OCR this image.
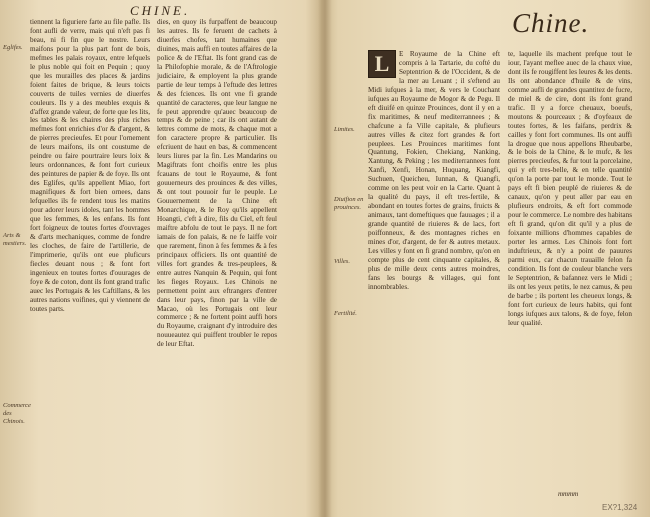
CHINE.
Eglifes.
Arts & mestiers.
Commerce des Chinois.

tiennent la figuriere farte au file pafle. Ils font aufli de verre, mais qui n'eft pas fi beau, ni fi fin que le nostre. Leurs maifons pour la plus part font de bois, mefmes les palais royaux, entre lefquels le plus noble qui foit en Pequin ; quoy que les murailles des places & jardins foient faites de brique, & leurs toicts couverts de tuiles vernies de diuerfes couleurs. Ils y a des meubles exquis & d'affez grande valeur, de forte que les lits, les tables & les chaires des plus riches mefmes font enrichies d'or & d'argent, & de pierres precieufes. Et pour l'ornement de leurs maifons, ils ont coustume de peindre ou faire pourtraire leurs loix & leurs ordonnances, & font fort curieux des peintures de papier & de foye. Ils ont des Eglifes, qu'ils appellent Miao, fort magnifiques & fort bien ornees, dans lefquelles ils fe rendent tous les matins pour adorer leurs idoles, tant les hommes que les femmes, & les enfans. Ils font fort foigneux de toutes fortes d'ouvrages & d'arts mechaniques, comme de fondre les cloches, de faire de l'artillerie, de l'imprimerie, qu'ils ont eue pluficurs fiecles deuant nous ; & font fort ingenieux en toutes fortes d'ouurages de foye & de coton, dont ils font grand trafic auec les Portugais & les Caftillans, & les autres nations voifines, qui y viennent de toutes parts.

dies, en quoy ils furpaffent de beaucoup les autres. Ils fe feruent de cachets à diuerfes chofes, tant humaines que diuines, mais auffi en toutes affaires de la police & de l'Eftat. Ils font grand cas de la Philofophie morale, & de l'Aftrologie judiciaire, & employent la plus grande partie de leur temps à l'eftude des lettres & des fciences. Ils ont vne fi grande quantité de caracteres, que leur langue ne fe peut apprendre qu'auec beaucoup de temps & de peine ; car ils ont autant de lettres comme de mots, & chaque mot a fon caractere propre & particulier. Ils efcriuent de haut en bas, & commencent leurs liures par la fin. Les Mandarins ou Magiftrats font choifis entre les plus fcauans de tout le Royaume, & font gouuerneurs des prouinces & des villes, & ont tout pouuoir fur le peuple. Le Gouuernement de la Chine eft Monarchique, & le Roy qu'ils appellent Hoangti, c'eft à dire, fils du Ciel, eft feul maiftre abfolu de tout le pays. Il ne fort iamais de fon palais, & ne fe laiffe voir que rarement, finon à fes femmes & à fes principaux officiers. Ils ont quantité de villes fort grandes & tres-peuplees, & entre autres Nanquin & Pequin, qui font les fieges Royaux. Les Chinois ne permettent point aux eftrangers d'entrer dans leur pays, finon par la ville de Macao, où les Portugais ont leur commerce ; & ne fortent point auffi hors du Royaume, craignant d'y introduire des nouueautez qui puiffent troubler le repos de leur Eftat.

Chine.
Limites.
Diuifion en prouinces.
Villes.
Fertilité.
L	E Royaume de la Chine eft compris à la Tartarie, du cofté du Septentrion & de l'Occident, & de la mer au Leuant ; il s'eftend au Midi iufques à la mer, & vers le Couchant iufques au Royaume de Mogor & de Pegu. Il eft diuifé en quinze Prouinces, dont il y en a fix maritimes, & neuf mediterrannees ; & chafcune a fa Ville capitale, & plufieurs autres villes & citez fort grandes & fort peuplees. Les Prouinces maritimes font Quantung, Fokien, Chekiang, Nanking, Xantung, & Peking ; les mediterrannees font Xanfi, Xenfi, Honan, Huquang, Kiangfi, Suchuen, Queicheu, Iunnan, & Quangfi, comme on les peut voir en la Carte. Quant à la qualité du pays, il eft tres-fertile, & abondant en toutes fortes de grains, fruicts & animaux, tant domeftiques que fauuages ; il a grande quantité de riuieres & de lacs, fort poiffonneux, & des montagnes riches en mines d'or, d'argent, de fer & autres metaux. Les villes y font en fi grand nombre, qu'on en compte plus de cent cinquante capitales, & plus de mille deux cents autres moindres, fans les bourgs & villages, qui font innombrables.

te, laquelle ils machent prefque tout le iour, l'ayant meflee auec de la chaux viue, dont ils fe rougiffent les leures & les dents. Ils ont abondance d'huile & de vins, comme aufli de grandes quantitez de fucre, de miel & de cire, dont ils font grand trafic. Il y a force cheuaux, boeufs, moutons & pourceaux ; & d'oyfeaux de toutes fortes, & les faifans, perdrix & cailles y font fort communes. Ils ont auffi la drogue que nous appellons Rheubarbe, & le bois de la Chine, & le mufc, & les pierres precieufes, & fur tout la porcelaine, qui y eft tres-belle, & en telle quantité qu'on la porte par tout le monde. Tout le pays eft fi bien peuplé de riuieres & de canaux, qu'on y peut aller par eau en plufieurs endroits, & eft fort commode pour le commerce. Le nombre des habitans eft fi grand, qu'on dit qu'il y a plus de foixante millions d'hommes capables de porter les armes. Les Chinois font fort induftrieux, & n'y a point de pauures parmi eux, car chacun trauaille felon fa condition. Ils font de couleur blanche vers le Septentrion, & bafannez vers le Midi ; ils ont les yeux petits, le nez camus, & peu de barbe ; ils portent les cheueux longs, & font fort curieux de leurs habits, qui font longs iufques aux talons, & de foye, felon leur qualité.

mmmm
EX?1,324
